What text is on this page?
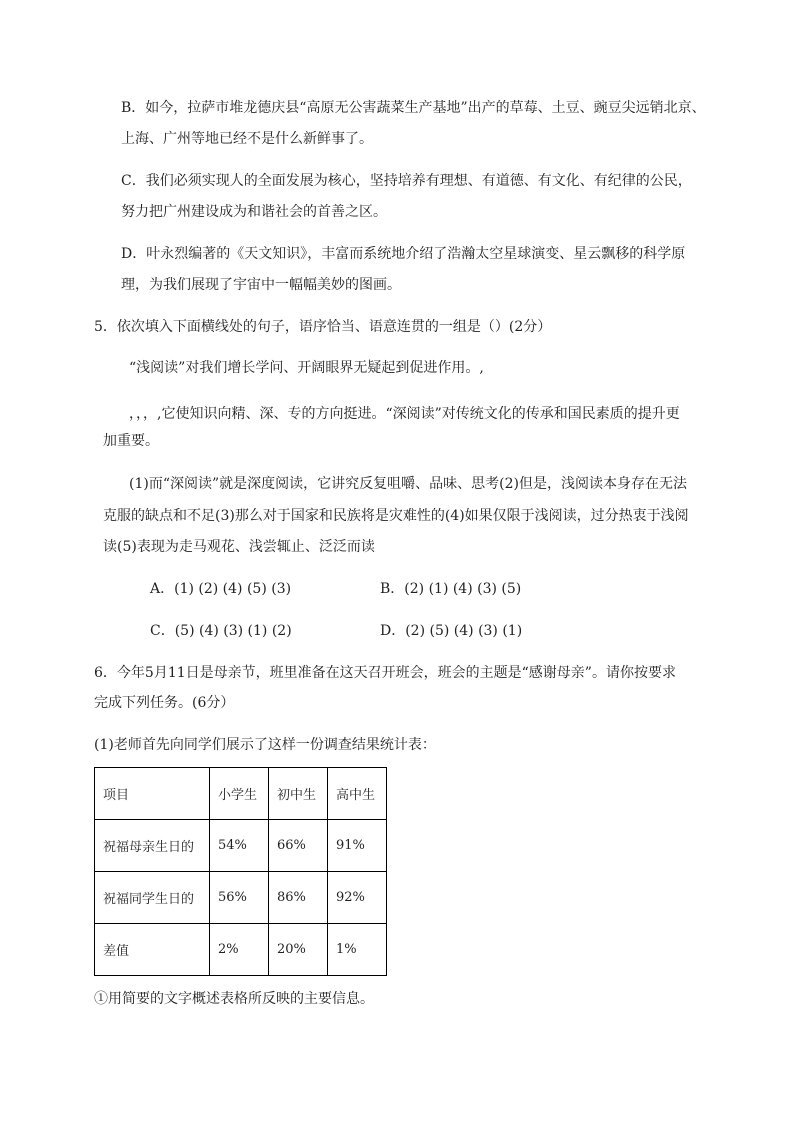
B．如今，拉萨市堆龙德庆县“高原无公害蔬菜生产基地”出产的草莓、土豆、豌豆尖远销北京、
上海、广州等地已经不是什么新鲜事了。
C．我们必须实现人的全面发展为核心，坚持培养有理想、有道德、有文化、有纪律的公民，
努力把广州建设成为和谐社会的首善之区。
D．叶永烈编著的《天文知识》，丰富而系统地介绍了浩瀚太空星球演变、星云飘移的科学原
理，为我们展现了宇宙中一幅幅美妙的图画。
5．依次填入下面横线处的句子，语序恰当、语意连贯的一组是（）(2分）
“浅阅读”对我们增长学问、开阔眼界无疑起到促进作用。,
，，，,它使知识向精、深、专的方向挺进。“深阅读”对传统文化的传承和国民素质的提升更
加重要。
(1)而“深阅读”就是深度阅读，它讲究反复咀嚼、品味、思考(2)但是，浅阅读本身存在无法
克服的缺点和不足(3)那么对于国家和民族将是灾难性的(4)如果仅限于浅阅读，过分热衷于浅阅
读(5)表现为走马观花、浅尝辄止、泛泛而读
A．(1) (2) (4) (5) (3)	B．(2) (1) (4) (3) (5)
C．(5) (4) (3) (1) (2)	D．(2) (5) (4) (3) (1)
6．今年5月11日是母亲节，班里准备在这天召开班会，班会的主题是“感谢母亲”。请你按要求
完成下列任务。(6分）
(1)老师首先向同学们展示了这样一份调查结果统计表：
项目	小学生	初中生	高中生
祝福母亲生日的	54%	66%	91%
祝福同学生日的	56%	86%	92%
差值	2%	20%	1%
①用简要的文字概述表格所反映的主要信息。
